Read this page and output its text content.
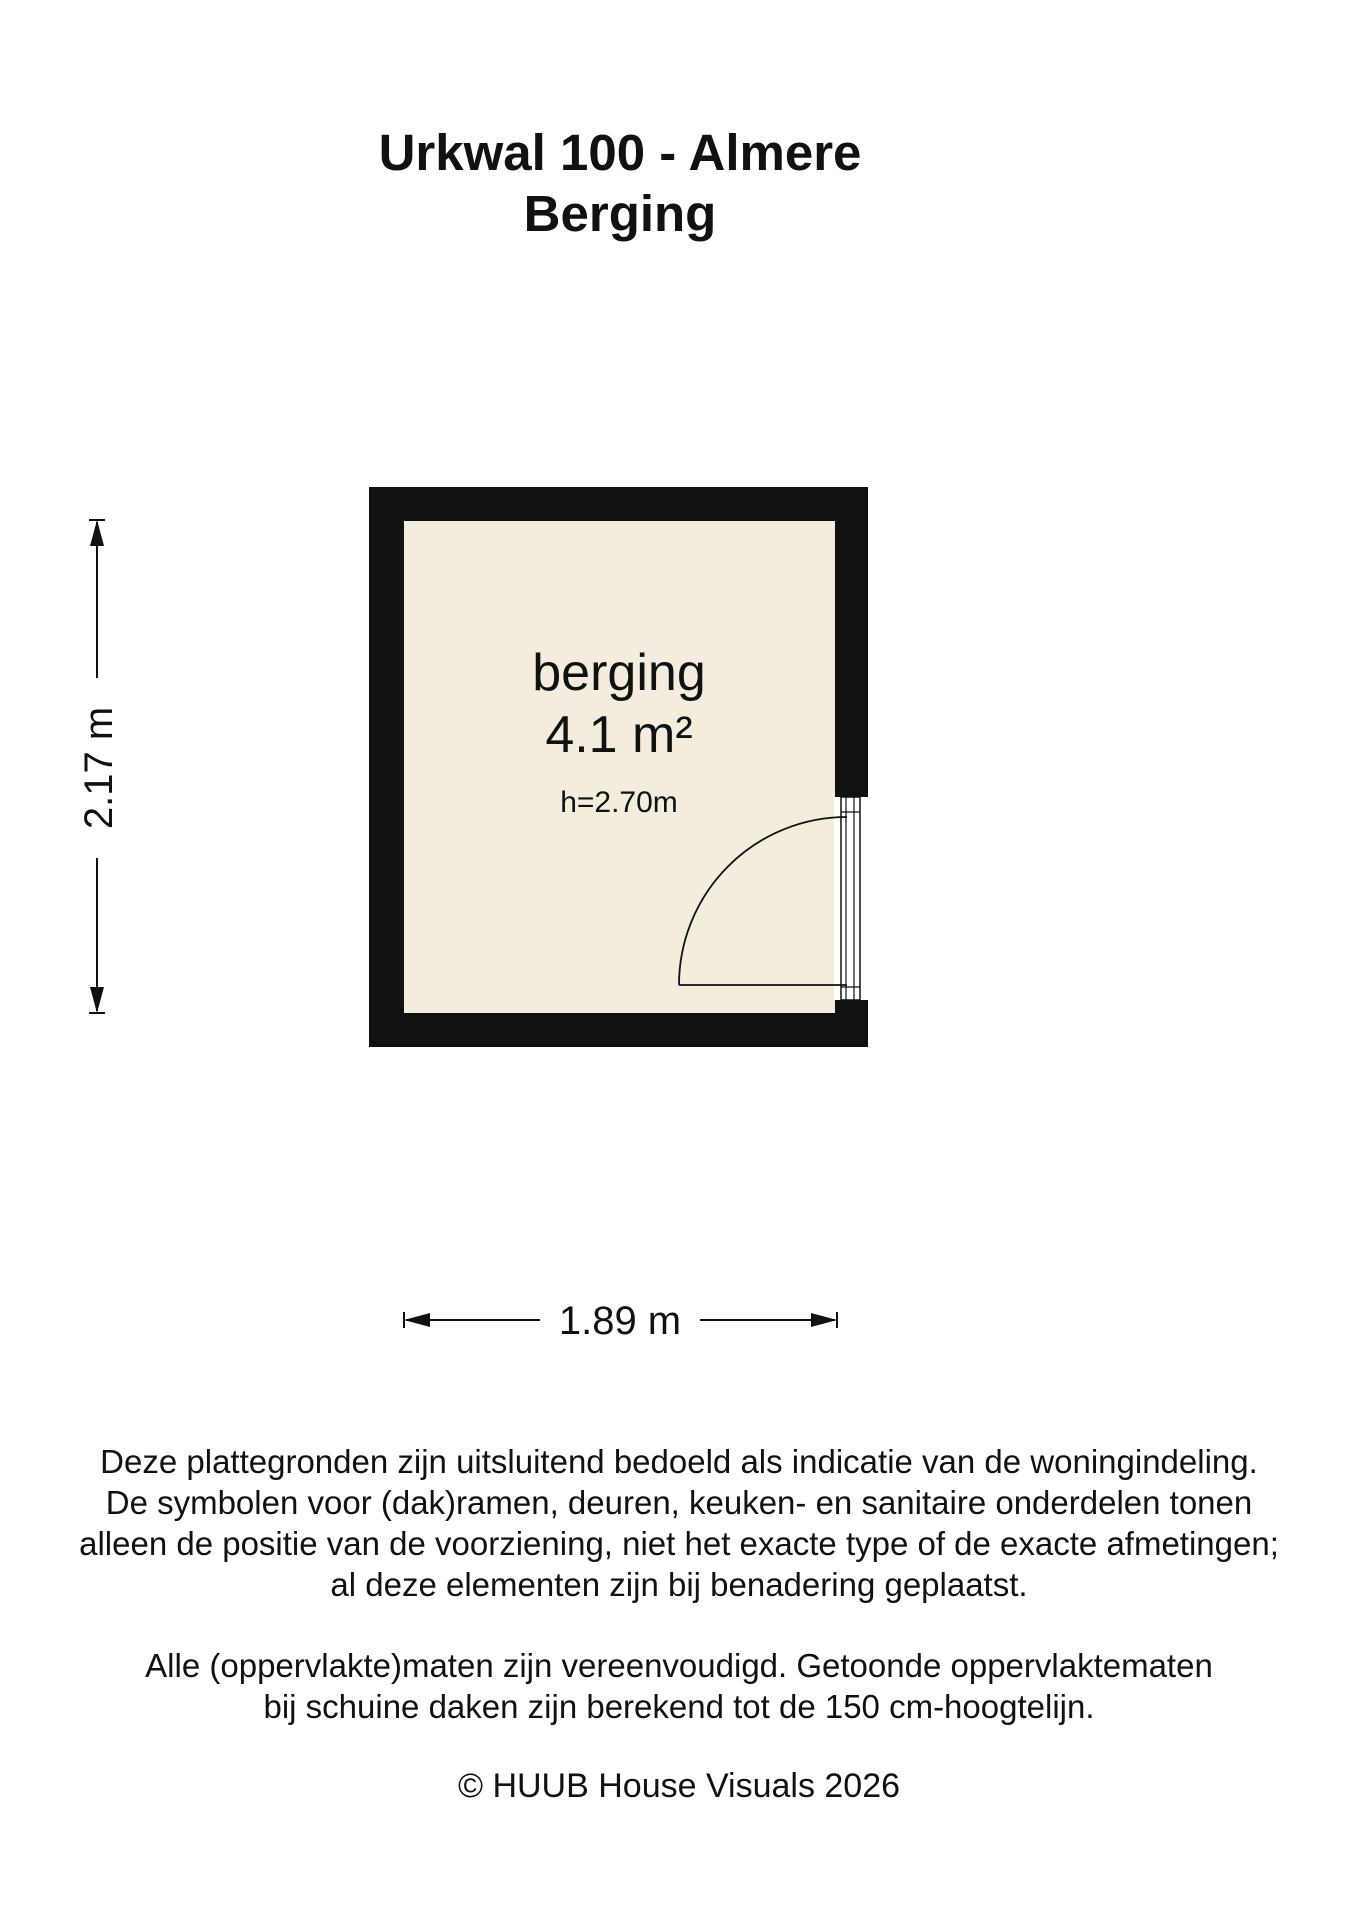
Urkwal 100 - Almere
Berging
berging
4.1 m²
h=2.70m
2.17 m
1.89 m

Deze plattegronden zijn uitsluitend bedoeld als indicatie van de woningindeling.

De symbolen voor (dak)ramen, deuren, keuken- en sanitaire onderdelen tonen

alleen de positie van de voorziening, niet het exacte type of de exacte afmetingen;

al deze elementen zijn bij benadering geplaatst.

Alle (oppervlakte)maten zijn vereenvoudigd. Getoonde oppervlaktematen

bij schuine daken zijn berekend tot de 150 cm-hoogtelijn.

© HUUB House Visuals 2026
